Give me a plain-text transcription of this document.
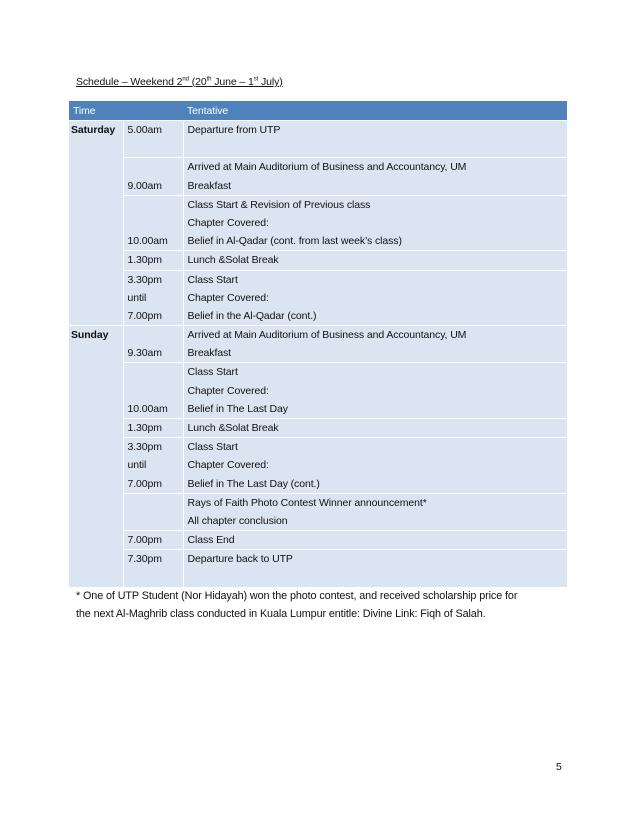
Schedule – Weekend 2nd (20th June – 1st July)
Time		Tentative

Saturday	5.00am	Departure from UTP

	9.00am	Arrived at Main Auditorium of Business and Accountancy, UM
Breakfast

	10.00am	Class Start & Revision of Previous class
Chapter Covered:
Belief in Al-Qadar (cont. from last week’s class)

	1.30pm	Lunch &Solat Break

	3.30pm
until
7.00pm	Class Start
Chapter Covered:
Belief in the Al-Qadar (cont.)

Sunday	9.30am	Arrived at Main Auditorium of Business and Accountancy, UM
Breakfast

	10.00am	Class Start
Chapter Covered:
Belief in The Last Day

	1.30pm	Lunch &Solat Break

	3.30pm
until
7.00pm	Class Start
Chapter Covered:
Belief in The Last Day (cont.)

		Rays of Faith Photo Contest Winner announcement*
All chapter conclusion

	7.00pm	Class End

	7.30pm	Departure back to UTP
* One of UTP Student (Nor Hidayah) won the photo contest, and received scholarship price for
the next Al-Maghrib class conducted in Kuala Lumpur entitle: Divine Link: Fiqh of Salah.
5
